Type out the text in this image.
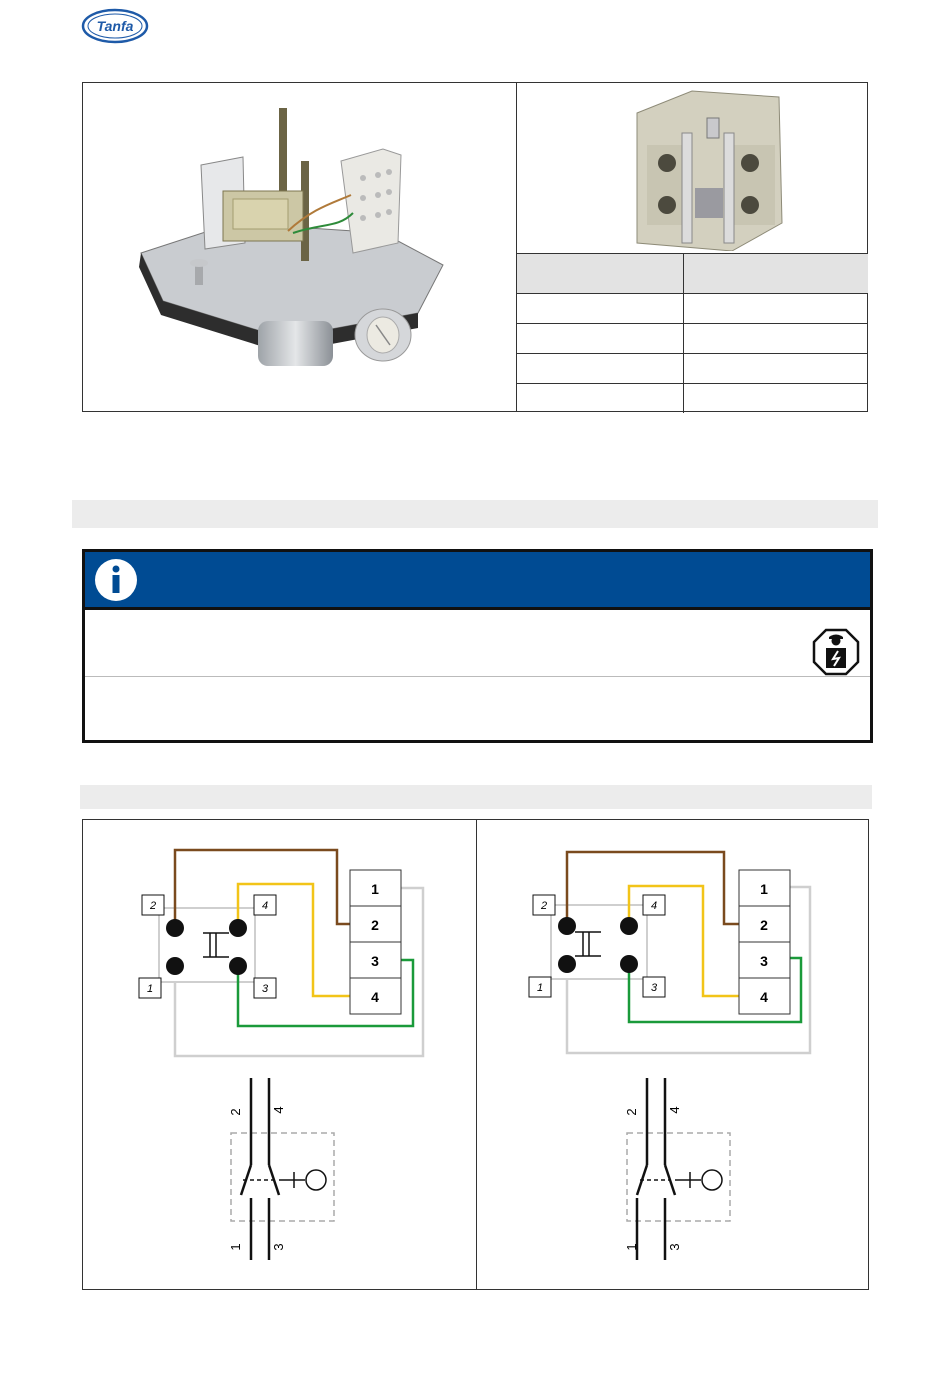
Tanfa

2	4
1	3
1
2
3
4
2 4
1 3
2	4
1	3
1
2
3
4
2 4
1 3
